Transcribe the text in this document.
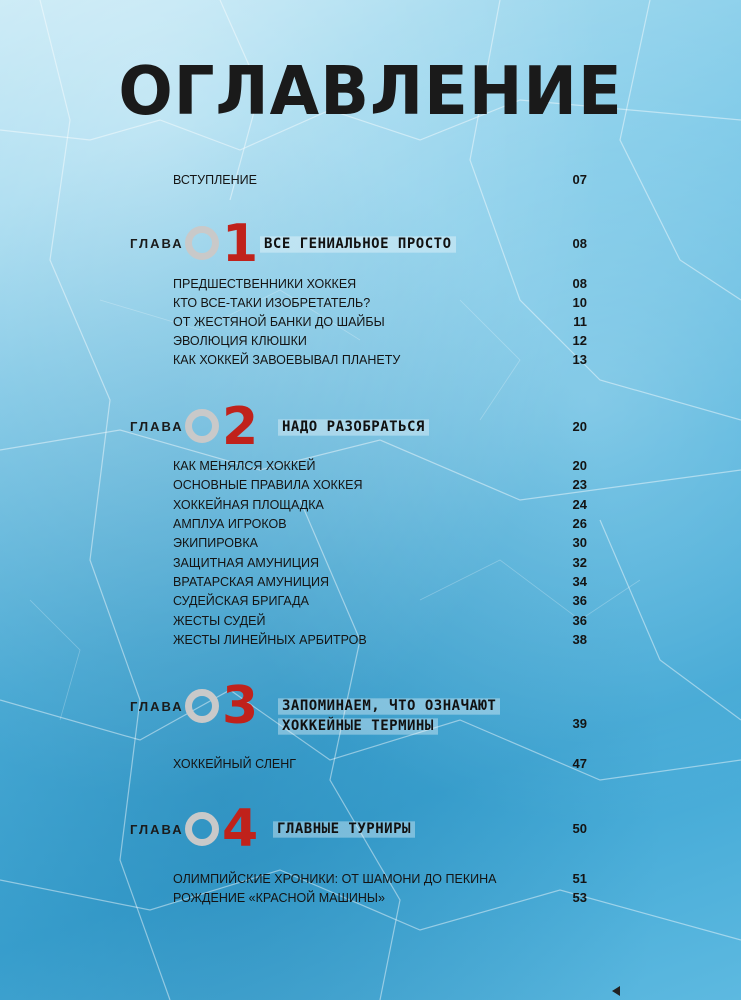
ОГЛАВЛЕНИЕ
ВСТУПЛЕНИЕ	07
ГЛАВА 1 ВСЕ ГЕНИАЛЬНОЕ ПРОСТО	08
ПРЕДШЕСТВЕННИКИ ХОККЕЯ	08
КТО ВСЕ-ТАКИ ИЗОБРЕТАТЕЛЬ?	10
ОТ ЖЕСТЯНОЙ БАНКИ ДО ШАЙБЫ	11
ЭВОЛЮЦИЯ КЛЮШКИ	12
КАК ХОККЕЙ ЗАВОЕВЫВАЛ ПЛАНЕТУ	13
ГЛАВА 2 НАДО РАЗОБРАТЬСЯ	20
КАК МЕНЯЛСЯ ХОККЕЙ	20
ОСНОВНЫЕ ПРАВИЛА ХОККЕЯ	23
ХОККЕЙНАЯ ПЛОЩАДКА	24
АМПЛУА ИГРОКОВ	26
ЭКИПИРОВКА	30
ЗАЩИТНАЯ АМУНИЦИЯ	32
ВРАТАРСКАЯ АМУНИЦИЯ	34
СУДЕЙСКАЯ БРИГАДА	36
ЖЕСТЫ СУДЕЙ	36
ЖЕСТЫ ЛИНЕЙНЫХ АРБИТРОВ	38
ГЛАВА 3 ЗАПОМИНАЕМ, ЧТО ОЗНАЧАЮТ
ХОККЕЙНЫЕ ТЕРМИНЫ	39
ХОККЕЙНЫЙ СЛЕНГ	47
ГЛАВА 4 ГЛАВНЫЕ ТУРНИРЫ	50
ОЛИМПИЙСКИЕ ХРОНИКИ: ОТ ШАМОНИ ДО ПЕКИНА	51
РОЖДЕНИЕ «КРАСНОЙ МАШИНЫ»	53
